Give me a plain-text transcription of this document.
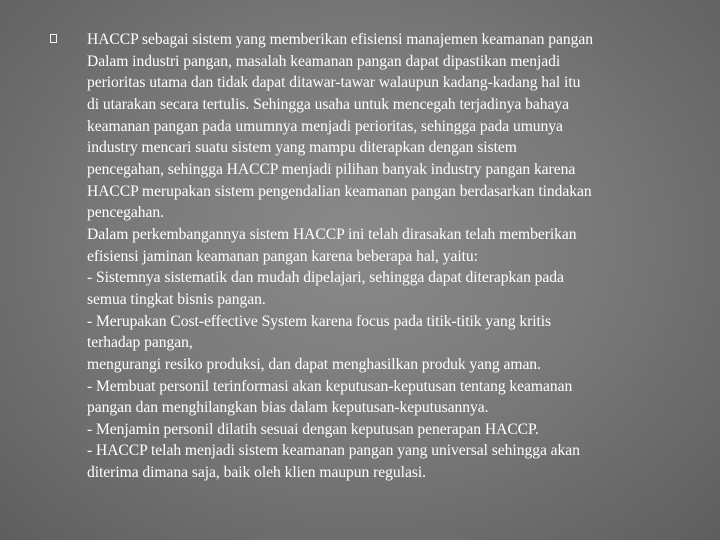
HACCP sebagai sistem yang memberikan efisiensi manajemen keamanan pangan
Dalam industri pangan, masalah keamanan pangan dapat dipastikan menjadi
perioritas utama dan tidak dapat ditawar-tawar walaupun kadang-kadang hal itu
di utarakan secara tertulis. Sehingga usaha untuk mencegah terjadinya bahaya
keamanan pangan pada umumnya menjadi perioritas, sehingga pada umunya
industry mencari suatu sistem yang mampu diterapkan dengan sistem
pencegahan, sehingga HACCP menjadi pilihan banyak industry pangan karena
HACCP merupakan sistem pengendalian keamanan pangan berdasarkan tindakan
pencegahan.
Dalam perkembangannya sistem HACCP ini telah dirasakan telah memberikan
efisiensi jaminan keamanan pangan karena beberapa hal, yaitu:
- Sistemnya sistematik dan mudah dipelajari, sehingga dapat diterapkan pada
semua tingkat bisnis pangan.
- Merupakan Cost-effective System karena focus pada titik-titik yang kritis
terhadap pangan,
mengurangi resiko produksi, dan dapat menghasilkan produk yang aman.
- Membuat personil terinformasi akan keputusan-keputusan tentang keamanan
pangan dan menghilangkan bias dalam keputusan-keputusannya.
- Menjamin personil dilatih sesuai dengan keputusan penerapan HACCP.
- HACCP telah menjadi sistem keamanan pangan yang universal sehingga akan
diterima dimana saja, baik oleh klien maupun regulasi.
